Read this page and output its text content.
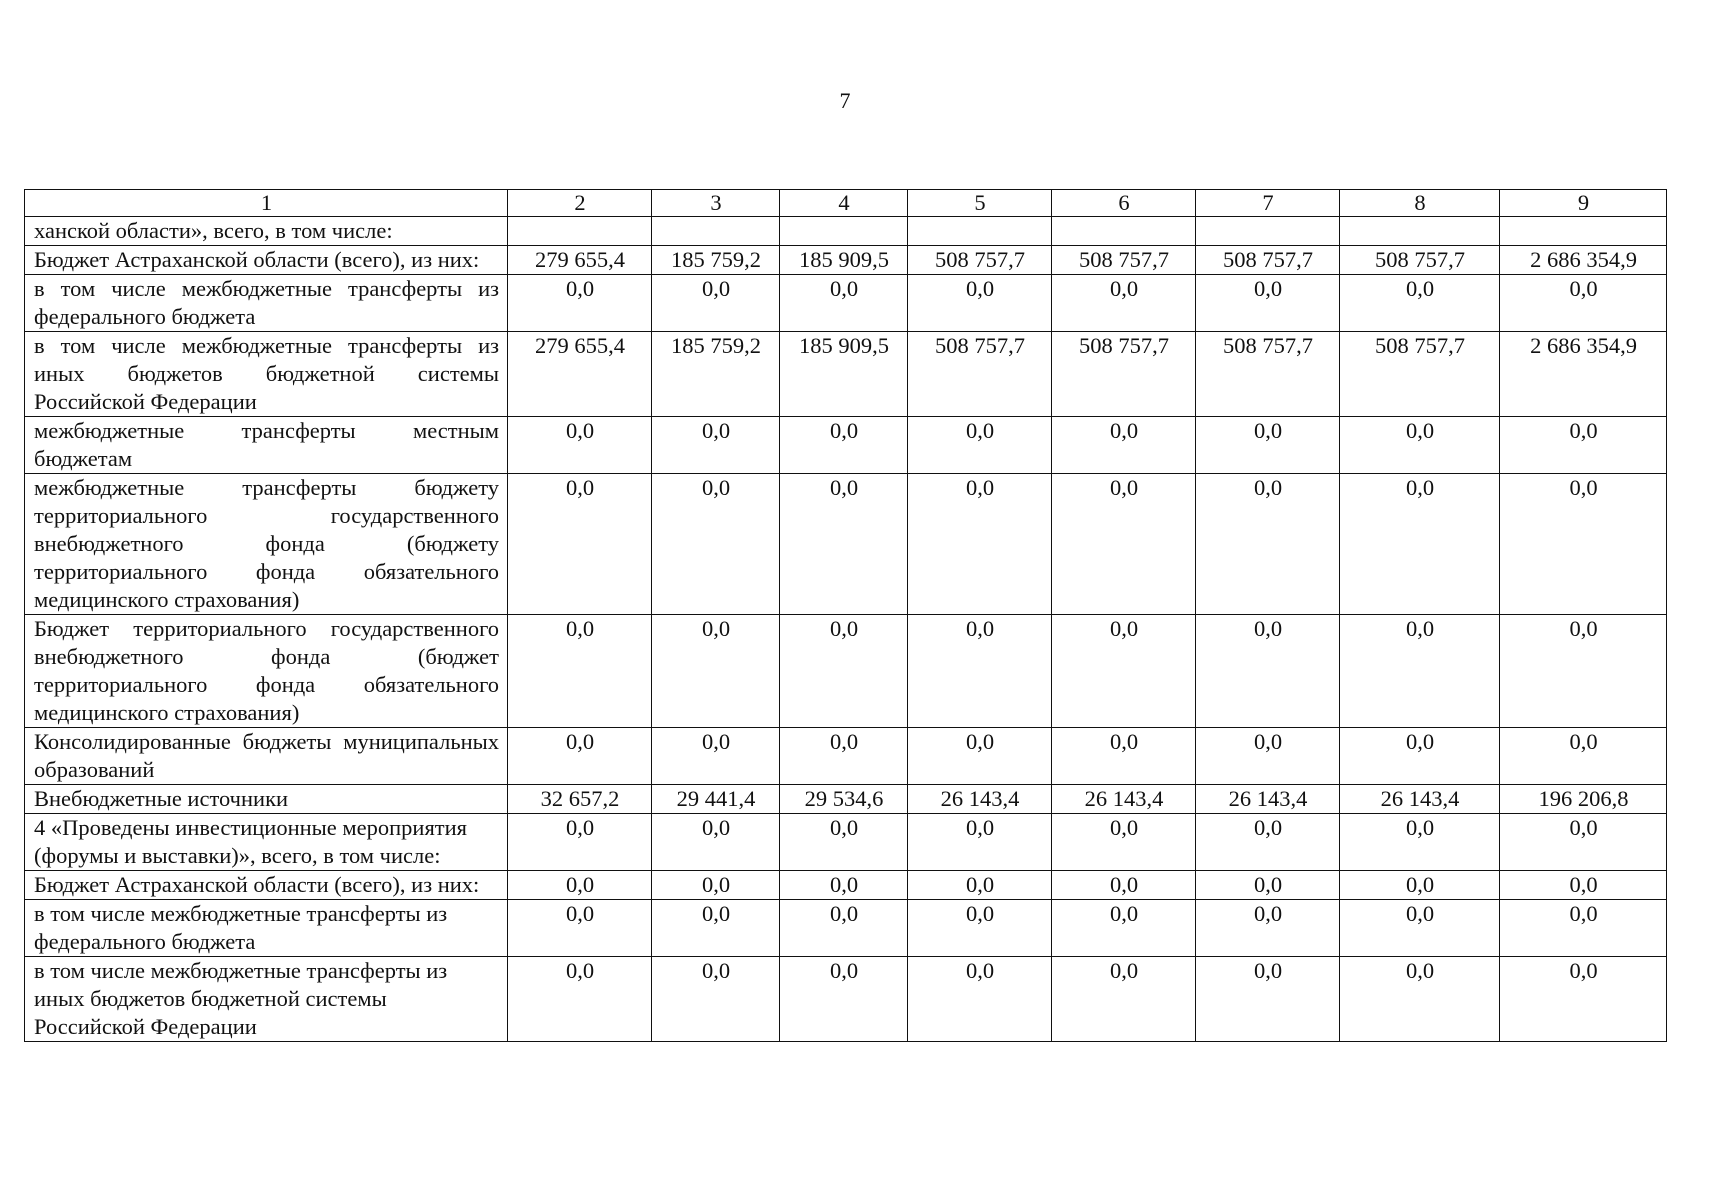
7
1	2	3	4	5	6	7	8	9
ханской области», всего, в том числе:								
Бюджет Астраханской области (всего), из них:	279 655,4	185 759,2	185 909,5	508 757,7	508 757,7	508 757,7	508 757,7	2 686 354,9
в том числе межбюджетные трансферты из федерального бюджета	0,0	0,0	0,0	0,0	0,0	0,0	0,0	0,0
в том числе межбюджетные трансферты из иных бюджетов бюджетной системы Российской Федерации	279 655,4	185 759,2	185 909,5	508 757,7	508 757,7	508 757,7	508 757,7	2 686 354,9
межбюджетные трансферты местным бюджетам	0,0	0,0	0,0	0,0	0,0	0,0	0,0	0,0
межбюджетные трансферты бюджету территориального государственного внебюджетного фонда (бюджету территориального фонда обязательного медицинского страхования)	0,0	0,0	0,0	0,0	0,0	0,0	0,0	0,0
Бюджет территориального государственного внебюджетного фонда (бюджет территориального фонда обязательного медицинского страхования)	0,0	0,0	0,0	0,0	0,0	0,0	0,0	0,0
Консолидированные бюджеты муниципальных образований	0,0	0,0	0,0	0,0	0,0	0,0	0,0	0,0
Внебюджетные источники	32 657,2	29 441,4	29 534,6	26 143,4	26 143,4	26 143,4	26 143,4	196 206,8
4 «Проведены инвестиционные мероприятия (форумы и выставки)», всего, в том числе:	0,0	0,0	0,0	0,0	0,0	0,0	0,0	0,0
Бюджет Астраханской области (всего), из них:	0,0	0,0	0,0	0,0	0,0	0,0	0,0	0,0
в том числе межбюджетные трансферты из федерального бюджета	0,0	0,0	0,0	0,0	0,0	0,0	0,0	0,0
в том числе межбюджетные трансферты из иных бюджетов бюджетной системы Российской Федерации	0,0	0,0	0,0	0,0	0,0	0,0	0,0	0,0
